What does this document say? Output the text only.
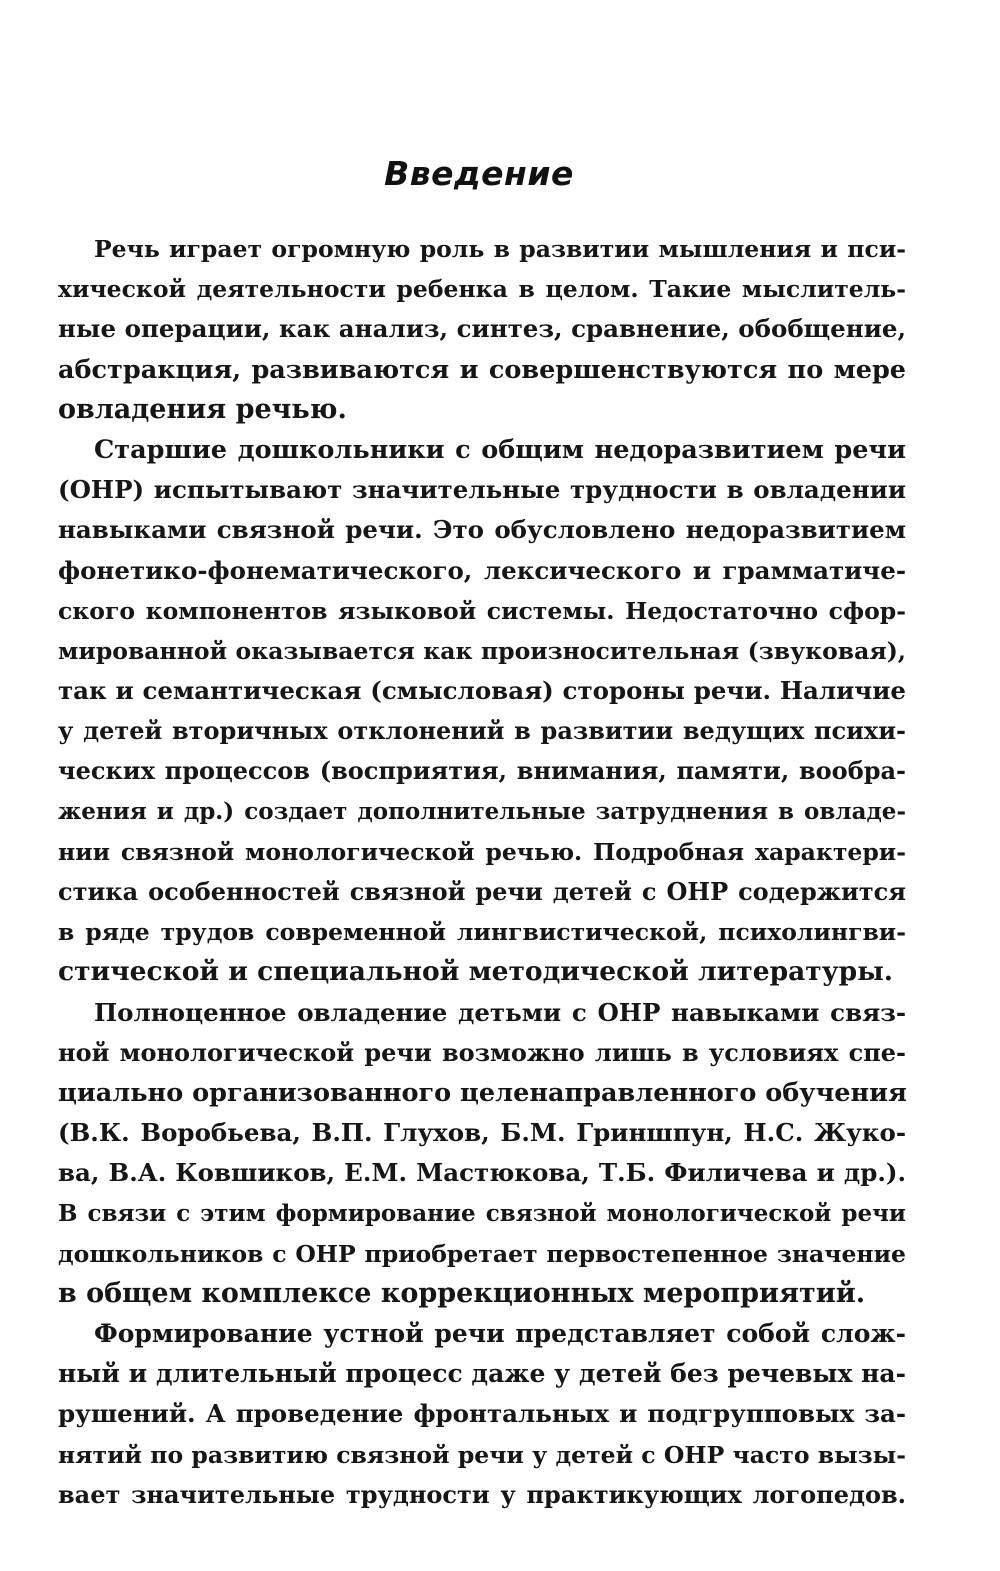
Введение
Речь играет огромную роль в развитии мышления и пси-
хической деятельности ребенка в целом. Такие мыслитель-
ные операции, как анализ, синтез, сравнение, обобщение,
абстракция, развиваются и совершенствуются по мере
овладения речью.
Старшие дошкольники с общим недоразвитием речи
(ОНР) испытывают значительные трудности в овладении
навыками связной речи. Это обусловлено недоразвитием
фонетико-фонематического, лексического и грамматиче-
ского компонентов языковой системы. Недостаточно сфор-
мированной оказывается как произносительная (звуковая),
так и семантическая (смысловая) стороны речи. Наличие
у детей вторичных отклонений в развитии ведущих психи-
ческих процессов (восприятия, внимания, памяти, вообра-
жения и др.) создает дополнительные затруднения в овладе-
нии связной монологической речью. Подробная характери-
стика особенностей связной речи детей с ОНР содержится
в ряде трудов современной лингвистической, психолингви-
стической и специальной методической литературы.
Полноценное овладение детьми с ОНР навыками связ-
ной монологической речи возможно лишь в условиях спе-
циально организованного целенаправленного обучения
(В.К. Воробьева, В.П. Глухов, Б.М. Гриншпун, Н.С. Жуко-
ва, В.А. Ковшиков, Е.М. Мастюкова, Т.Б. Филичева и др.).
В связи с этим формирование связной монологической речи
дошкольников с ОНР приобретает первостепенное значение
в общем комплексе коррекционных мероприятий.
Формирование устной речи представляет собой слож-
ный и длительный процесс даже у детей без речевых на-
рушений. А проведение фронтальных и подгрупповых за-
нятий по развитию связной речи у детей с ОНР часто вызы-
вает значительные трудности у практикующих логопедов.
